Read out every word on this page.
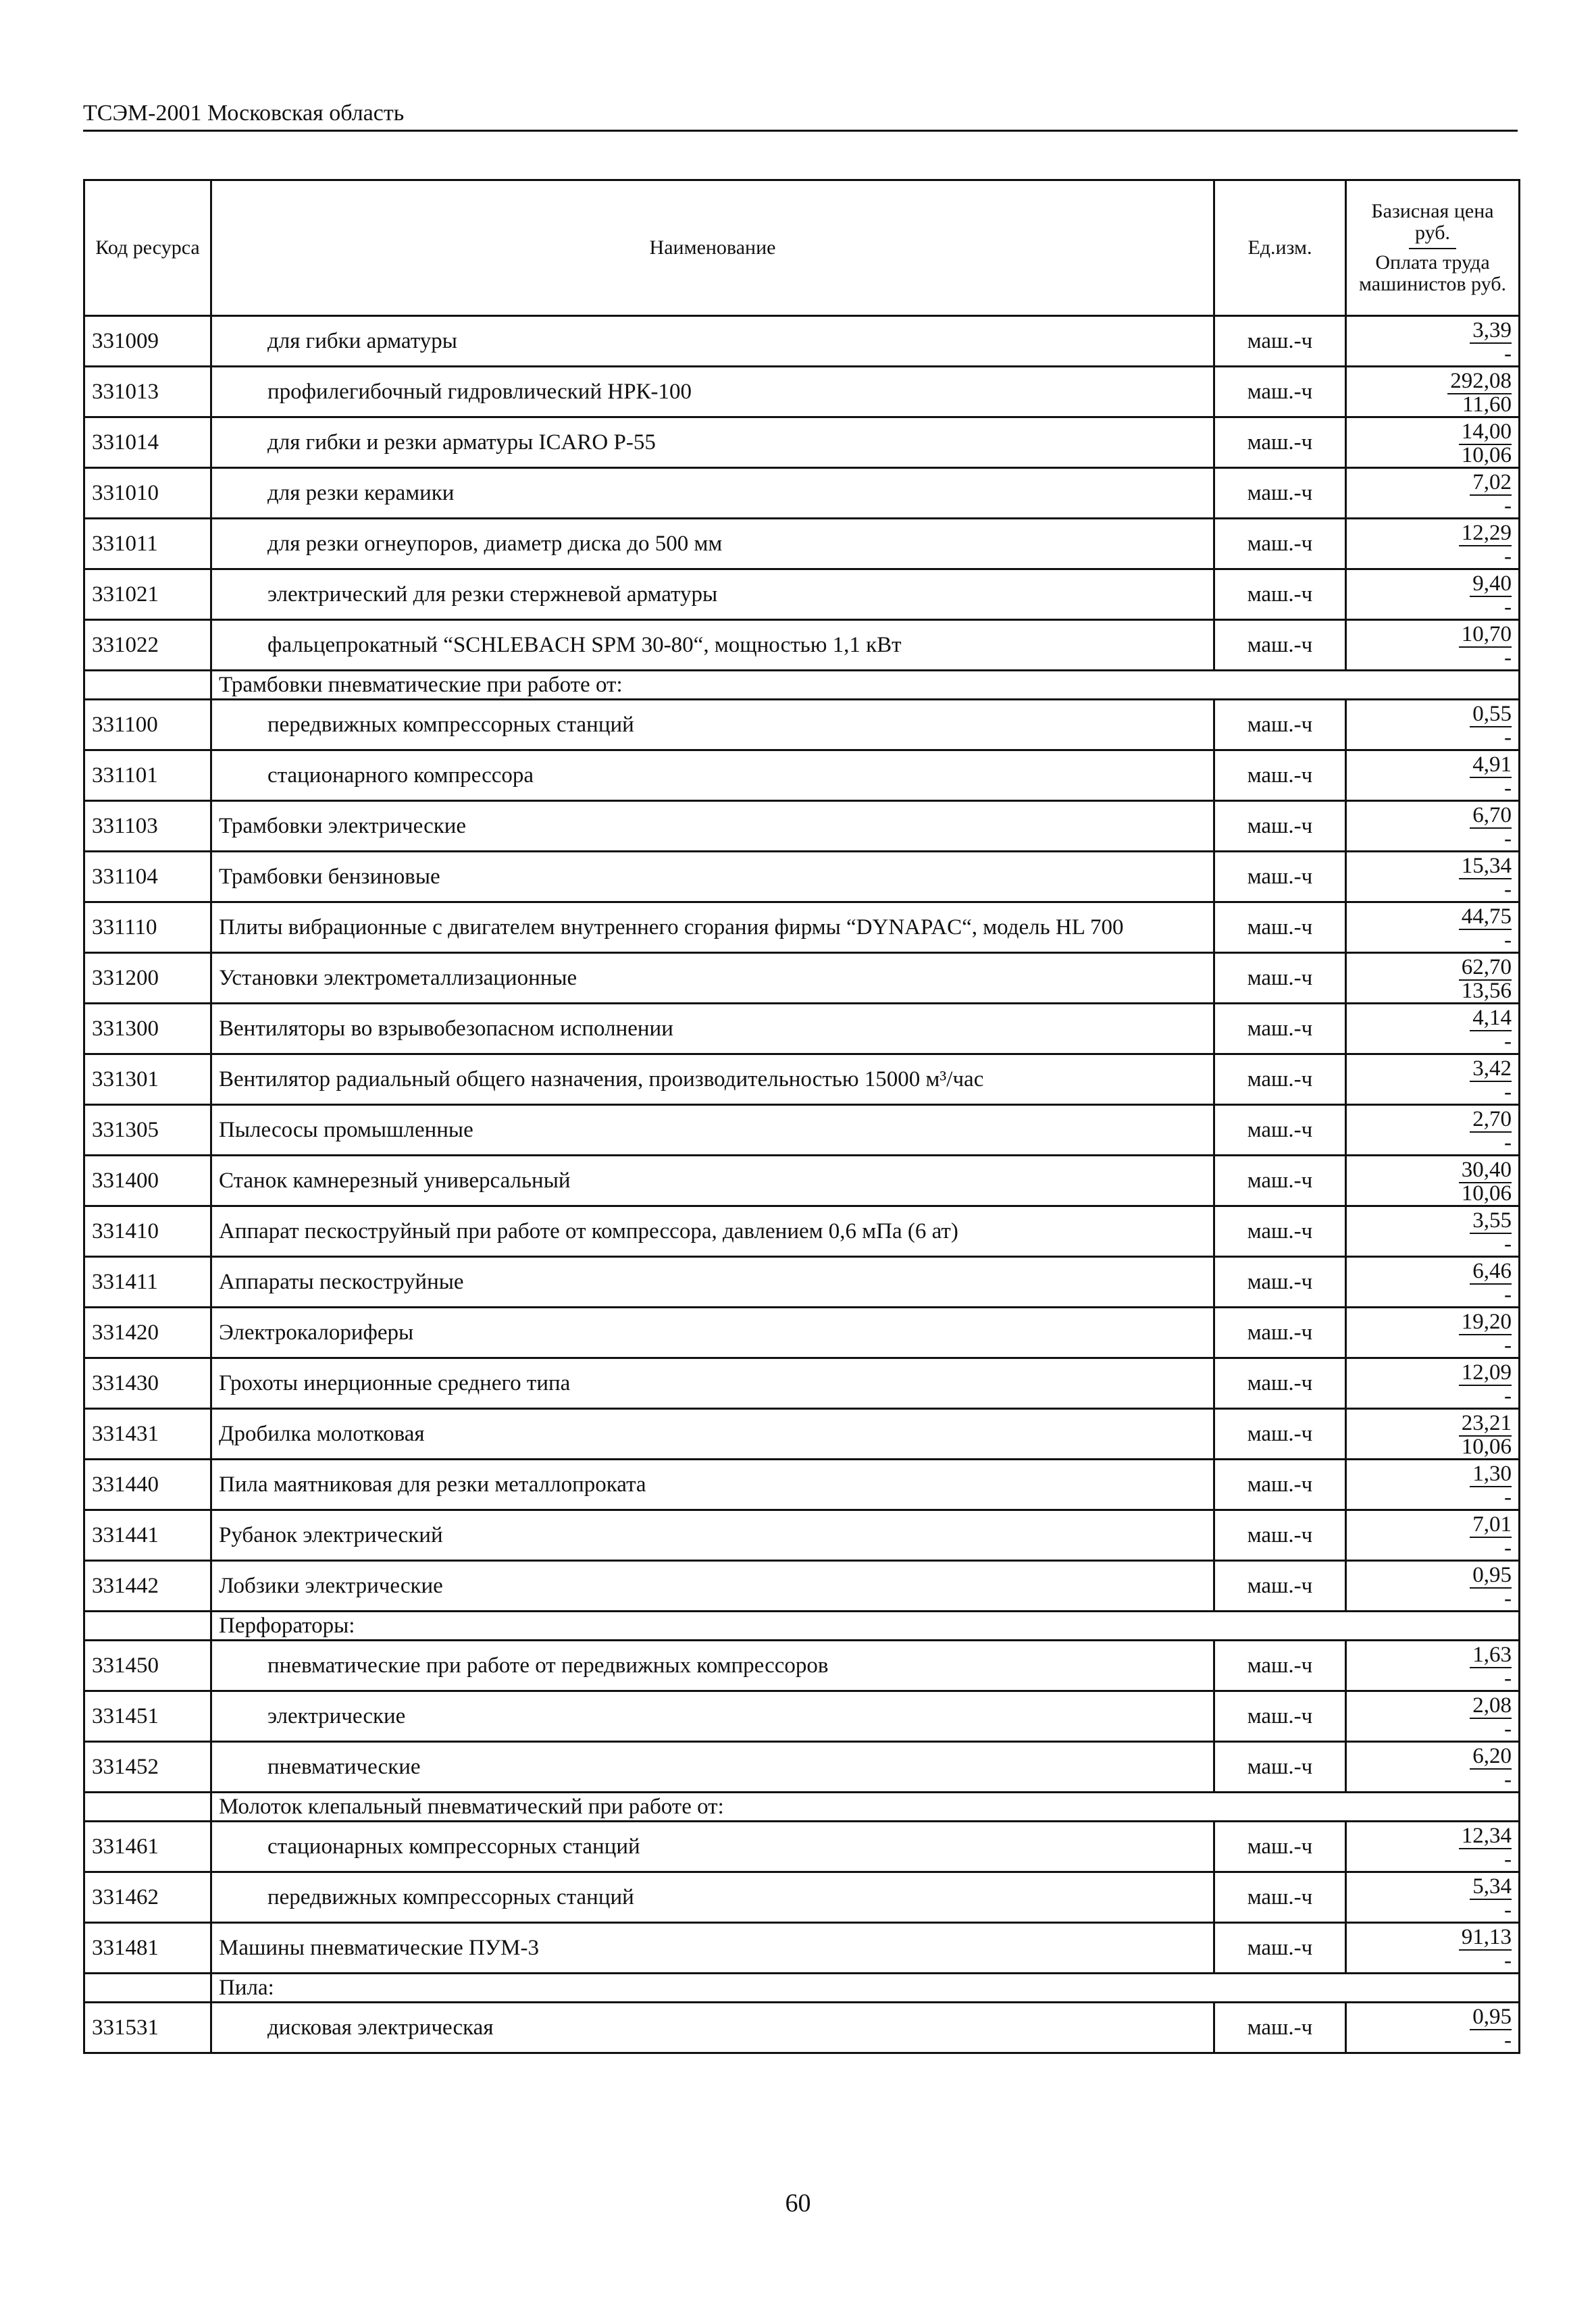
ТСЭМ-2001 Московская область
Код ресурса	Наименование	Ед.изм.	Базисная цена руб.
Оплата труда машинистов руб.

331009	для гибки арматуры	маш.-ч	3,39
-

331013	профилегибочный гидровлический НРК-100	маш.-ч	292,08
11,60

331014	для гибки и резки арматуры ICARO P-55	маш.-ч	14,00
10,06

331010	для резки керамики	маш.-ч	7,02
-

331011	для резки огнеупоров, диаметр диска до 500 мм	маш.-ч	12,29
-

331021	электрический для резки стержневой арматуры	маш.-ч	9,40
-

331022	фальцепрокатный “SCHLEBACH SPM 30-80“, мощностью 1,1 кВт	маш.-ч	10,70
-

	Трамбовки пневматические при работе от:		
331100	передвижных компрессорных станций	маш.-ч	0,55
-

331101	стационарного компрессора	маш.-ч	4,91
-

331103	Трамбовки электрические	маш.-ч	6,70
-

331104	Трамбовки бензиновые	маш.-ч	15,34
-

331110	Плиты вибрационные с двигателем внутреннего сгорания фирмы “DYNAPAC“, модель HL 700	маш.-ч	44,75
-

331200	Установки электрометаллизационные	маш.-ч	62,70
13,56

331300	Вентиляторы во взрывобезопасном исполнении	маш.-ч	4,14
-

331301	Вентилятор радиальный общего назначения, производительностью 15000 м³/час	маш.-ч	3,42
-

331305	Пылесосы промышленные	маш.-ч	2,70
-

331400	Станок камнерезный универсальный	маш.-ч	30,40
10,06

331410	Аппарат пескоструйный при работе от компрессора, давлением 0,6 мПа (6 ат)	маш.-ч	3,55
-

331411	Аппараты пескоструйные	маш.-ч	6,46
-

331420	Электрокалориферы	маш.-ч	19,20
-

331430	Грохоты инерционные среднего типа	маш.-ч	12,09
-

331431	Дробилка молотковая	маш.-ч	23,21
10,06

331440	Пила маятниковая для резки металлопроката	маш.-ч	1,30
-

331441	Рубанок электрический	маш.-ч	7,01
-

331442	Лобзики электрические	маш.-ч	0,95
-

	Перфораторы:		
331450	пневматические при работе от передвижных компрессоров	маш.-ч	1,63
-

331451	электрические	маш.-ч	2,08
-

331452	пневматические	маш.-ч	6,20
-

	Молоток клепальный пневматический при работе от:		
331461	стационарных компрессорных станций	маш.-ч	12,34
-

331462	передвижных компрессорных станций	маш.-ч	5,34
-

331481	Машины пневматические ПУМ-3	маш.-ч	91,13
-

	Пила:		
331531	дисковая электрическая	маш.-ч	0,95
-
60
